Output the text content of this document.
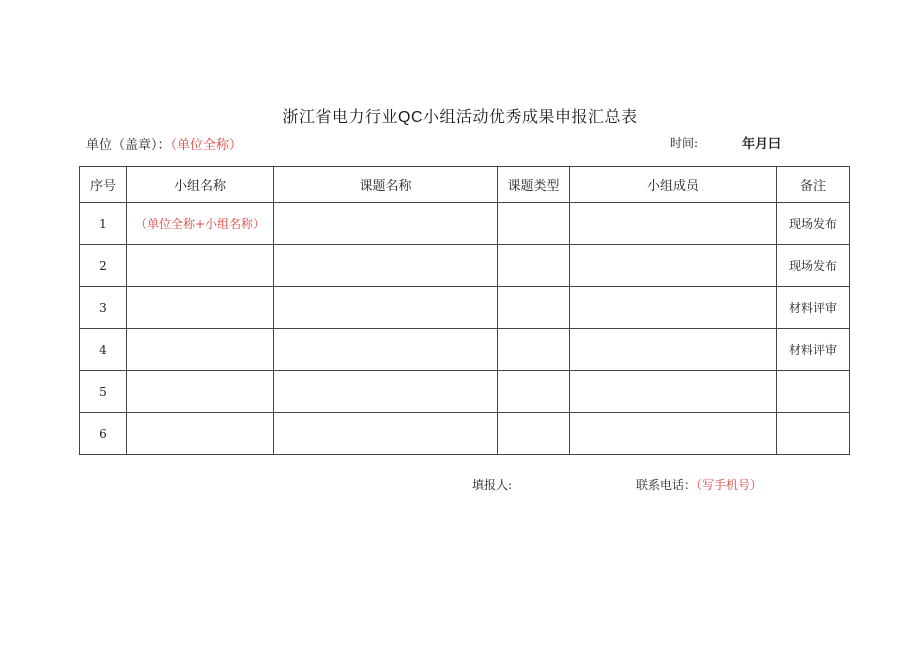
浙江省电力行业QC小组活动优秀成果申报汇总表
单位（盖章）：（单位全称）	时间:	年月曰
序号	小组名称	课题名称	课题类型	小组成员	备注
1	（单位全称+小组名称）				现场发布
2					现场发布
3					材料评审
4					材料评审
5					
6					
填报人:	联系电话：（写手机号）
